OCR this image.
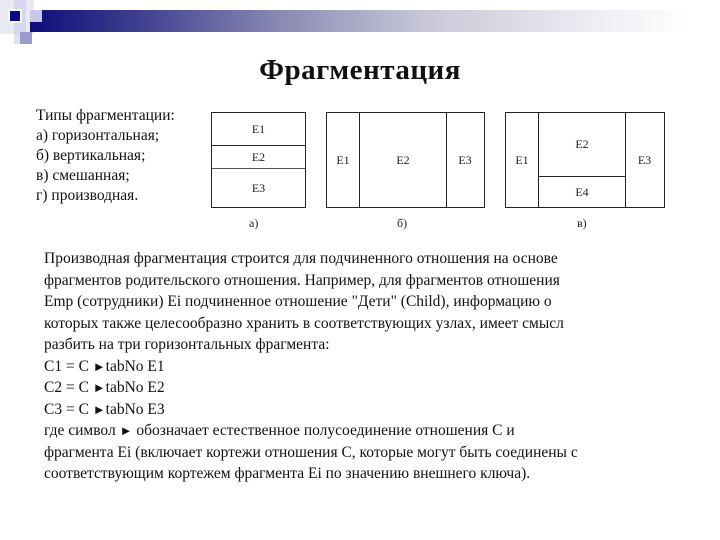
Фрагментация
Типы фрагментации:
а) горизонтальная;
б) вертикальная;
в) смешанная;
г) производная.
E1
E2
E3
а)
E1	E2	E3
б)
E1
E2
E4
E3
в)
Производная фрагментация строится для подчиненного отношения на основе
фрагментов родительского отношения. Например, для фрагментов отношения
Emp (сотрудники) Ei подчиненное отношение "Дети" (Child), информацию о
которых также целесообразно хранить в соответствующих узлах, имеет смысл
разбить на три горизонтальных фрагмента:
C1 = C ►tabNo E1
C2 = C ►tabNo E2
C3 = C ►tabNo E3
где символ ► обозначает естественное полусоединение отношения C и
фрагмента Ei (включает кортежи отношения C, которые могут быть соединены с
соответствующим кортежем фрагмента Ei по значению внешнего ключа).
